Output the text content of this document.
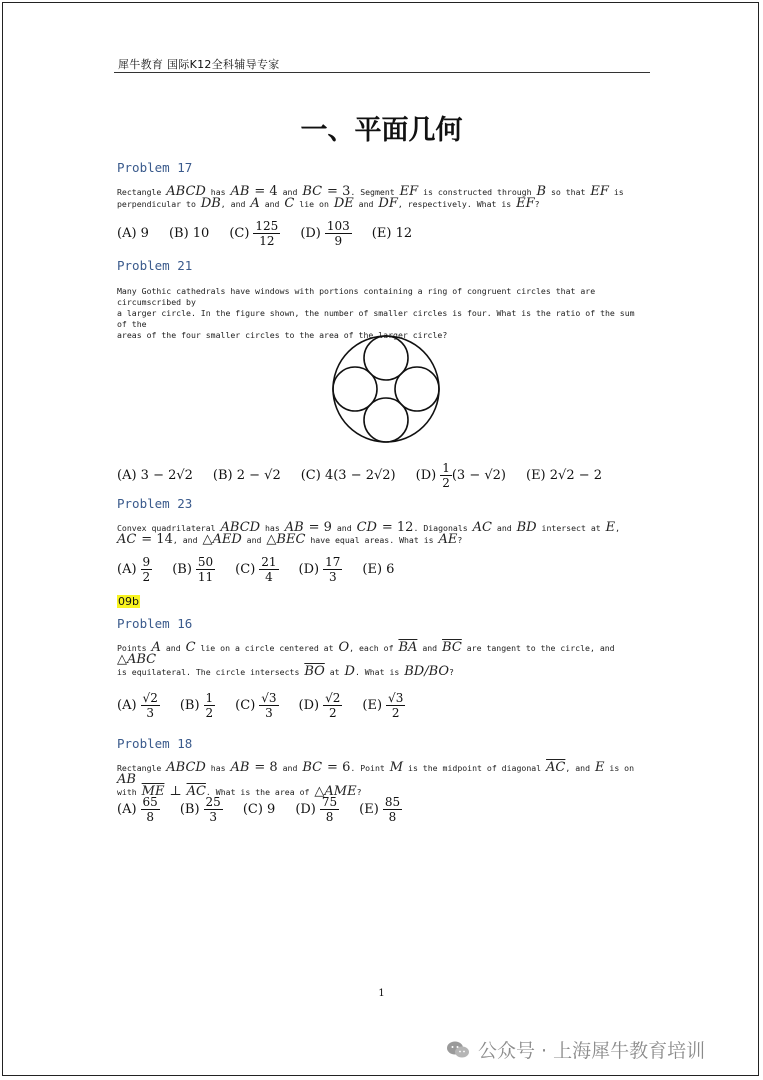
犀牛教育 国际K12全科辅导专家
一、平面几何
Problem 17
Rectangle ABCD has AB = 4 and BC = 3. Segment EF is constructed through B so that EF is
perpendicular to DB, and A and C lie on DE and DF, respectively. What is EF?
(A) 9 (B) 10 $(C) \frac{125}{12} (D) \frac{103}{9} (E)$ 12
Problem 21
Many Gothic cathedrals have windows with portions containing a ring of congruent circles that are circumscribed by
a larger circle. In the figure shown, the number of smaller circles is four. What is the ratio of the sum of the
areas of the four smaller circles to the area of the larger circle?
(A) 3 − 2√2 (B) 2 − √2 (C) 4(3 − 2√2) $(D) \frac{1}{2} (3 - √2)$ (E) 2√2 − 2
Problem 23
Convex quadrilateral ABCD has AB = 9 and CD = 12. Diagonals AC and BD intersect at E,
AC = 14, and △AED and △BEC have equal areas. What is AE?
$(A) \frac{9}{2} (B) \frac{50}{11} (C) \frac{21}{4} (D) \frac{17}{3} (E)$ 6
09b
Problem 16
Points A and C lie on a circle centered at O, each of $\overline{BA}$ and $\overline{BC}$ are tangent to the circle, and △ABC
is equilateral. The circle intersects $\overline{BO}$ at D. What is BD/BO?
$(A) \frac{√2}{3} (B) \frac{1}{2} (C) \frac{√3}{3} (D) \frac{√2}{2} (E) \frac{√3}{2}$
Problem 18
Rectangle ABCD has AB = 8 and BC = 6. Point M is the midpoint of diagonal $\overline{AC}$, and E is on AB
with $\overline{ME}$ ⊥ $\overline{AC}$. What is the area of △AME?
$(A) \frac{65}{8} (B) \frac{25}{3} (C)$ 9 $(D) \frac{75}{8} (E) \frac{85}{8}$
1
公众号 · 上海犀牛教育培训
